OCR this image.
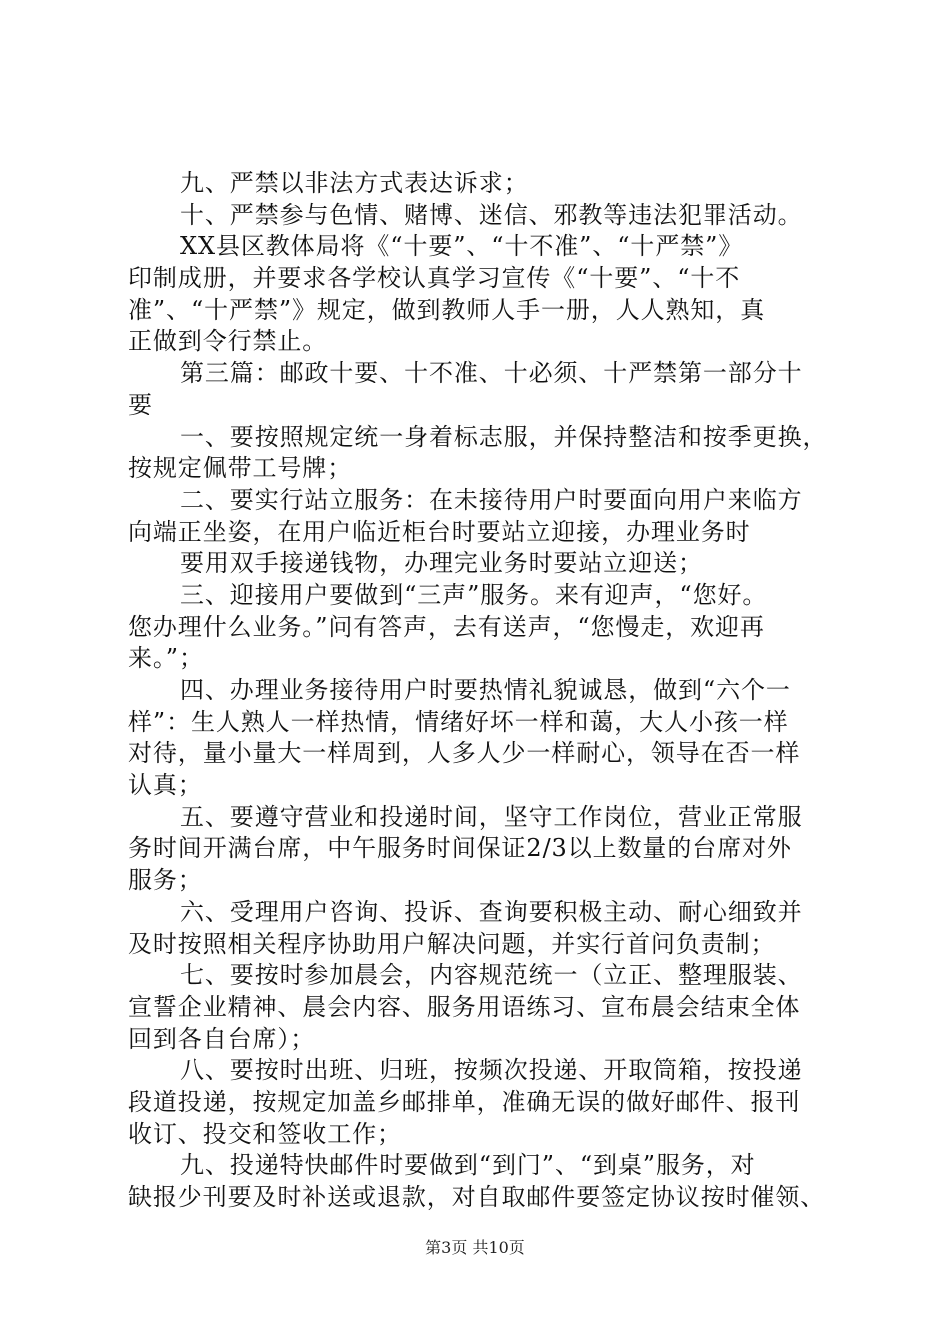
九、严禁以非法方式表达诉求；
十、严禁参与色情、赌博、迷信、邪教等违法犯罪活动。
XX县区教体局将《“十要”、“十不准”、“十严禁”》
印制成册，并要求各学校认真学习宣传《“十要”、“十不
准”、“十严禁”》规定，做到教师人手一册，人人熟知，真
正做到令行禁止。
第三篇：邮政十要、十不准、十必须、十严禁第一部分十
要
一、要按照规定统一身着标志服，并保持整洁和按季更换，
按规定佩带工号牌；
二、要实行站立服务：在未接待用户时要面向用户来临方
向端正坐姿，在用户临近柜台时要站立迎接，办理业务时
要用双手接递钱物，办理完业务时要站立迎送；
三、迎接用户要做到“三声”服务。来有迎声，“您好。
您办理什么业务。”问有答声，去有送声，“您慢走，欢迎再
来。”；
四、办理业务接待用户时要热情礼貌诚恳，做到“六个一
样”：生人熟人一样热情，情绪好坏一样和蔼，大人小孩一样
对待，量小量大一样周到，人多人少一样耐心，领导在否一样
认真；
五、要遵守营业和投递时间，坚守工作岗位，营业正常服
务时间开满台席，中午服务时间保证2/3以上数量的台席对外
服务；
六、受理用户咨询、投诉、查询要积极主动、耐心细致并
及时按照相关程序协助用户解决问题，并实行首问负责制；
七、要按时参加晨会，内容规范统一（立正、整理服装、
宣誓企业精神、晨会内容、服务用语练习、宣布晨会结束全体
回到各自台席）；
八、要按时出班、归班，按频次投递、开取筒箱，按投递
段道投递，按规定加盖乡邮排单，准确无误的做好邮件、报刊
收订、投交和签收工作；
九、投递特快邮件时要做到“到门”、“到桌”服务，对
缺报少刊要及时补送或退款，对自取邮件要签定协议按时催领、
第3页 共10页
